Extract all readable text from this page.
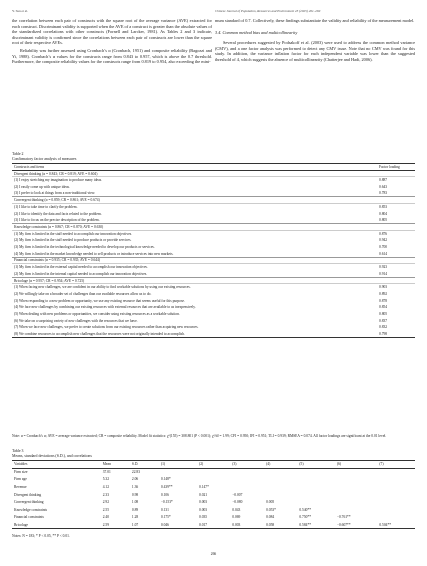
Y. Sun et al.	Chinese Journal of Population, Resources and Environment 23 (2025) 261–269

the correlation between each pair of constructs with the square root of the average variance (AVE) extracted for each construct. Discriminant validity is supported when the AVE of a construct is greater than the absolute values of the standardized correlations with other constructs (Fornell and Larcker, 1981). As Tables 2 and 3 indicate, discriminant validity is confirmed since the correlations between each pair of constructs are lower than the square root of their respective AVEs.

Reliability was further assessed using Cronbach’s α (Cronbach, 1951) and composite reliability (Bagozzi and Yi, 1988). Cronbach’s α values for the constructs range from 0.843 to 0.957, which is above the 0.7 threshold. Furthermore, the composite reliability values for the constructs range from 0.819 to 0.954, also exceeding the mini-

mum standard of 0.7. Collectively, these findings substantiate the validity and reliability of the measurement model.

3.4. Common method bias and multicollinearity

Several procedures suggested by Podsakoff et al. (2003) were used to address the common method variance (CMV), and a one factor analysis was performed to detect any CMV issue. Note that no CMV was found for this study. In addition, the variance inflation factor for each independent variable was lower than the suggested threshold of 4, which suggests the absence of multicollinearity (Chatterjee and Hadi, 2006).

Table 2
Confirmatory factor analysis of measures
Constructs and items	Factor loading
Divergent thinking (α = 0.843; CR = 0.819; AVE = 0.604)	
(1) I enjoy stretching my imagination to produce many ideas.	0.887
(2) I easily come up with unique ideas.	0.643
(3) I prefer to look at things from a non-traditional view.	0.783
Convergent thinking (α = 0.859; CR = 0.861; AVE = 0.674)	
(1) I like to take time to clarify the problem.	0.853
(2) I like to identify the data and facts related to the problem.	0.804
(3) I like to focus on the precise description of the problem.	0.805
Knowledge constraints (α = 0.867; CR = 0.870; AVE = 0.630)	
(1) My firm is limited in the staff needed to accomplish our innovation objectives.	0.876
(2) My firm is limited in the staff needed to produce products or provide services.	0.942
(3) My firm is limited in the technological knowledge needed to develop our products or services.	0.700
(4) My firm is limited in the market knowledge needed to sell products or introduce services into new markets.	0.614
Financial constraints (α = 0.935; CR = 0.935; AVE = 0.644)	
(1) My firm is limited in the external capital needed to accomplish our innovation objectives.	0.923
(2) My firm is limited in the internal capital needed to accomplish our innovation objectives.	0.914
Bricolage (α = 0.957; CR = 0.954; AVE = 0.725)	
(1) When facing new challenges, we are confident in our ability to find workable solutions by using our existing resources.	0.903
(2) We willingly take on a broader set of challenges than our available resources allow us to do.	0.892
(3) When responding to a new problem or opportunity, we use any existing resource that seems useful for this purpose.	0.878
(4) We face new challenges by combining our existing resources with external resources that are available to us inexpensively.	0.854
(5) When dealing with new problems or opportunities, we consider using existing resources as a workable solution.	0.805
(6) We take on a surprising variety of new challenges with the resources that we have.	0.837
(7) When we face new challenges, we prefer to create solutions from our existing resources rather than acquiring new resources.	0.832
(8) We combine resources to accomplish new challenges that the resources were not originally intended to accomplish.	0.798
Note: α = Cronbach’s α; AVE = average variance extracted; CR = composite reliability. Model fit statistics: χ²(155) = 308.801 (P < 0.001); χ²/df = 1.99; CFI = 0.950; IFI = 0.951; TLI = 0.939; RMSEA = 0.074. All factor loadings are significant at the 0.01 level.
Table 3
Means, standard deviations (S.D.), and correlations
Variables	Mean	S.D.	(1)	(2)	(3)	(4)	(5)	(6)	(7)
Firm size	37.01	22.83							
Firm age	5.32	2.06	0.148*						
Revenue	4.12	1.36	0.439**	0.147*					
Divergent thinking	2.33	0.98	0.106	0.021	−0.007				
Convergent thinking	2.92	1.08	−0.153*	0.003	−0.080	0.005			
Knowledge constraints	2.55	0.89	0.131	0.003	0.043	0.053*	0.540**		
Financial constraints	2.40	1.28	0.175*	0.035	0.069	0.084	0.750**	−0.761**	
Bricolage	2.59	1.07	0.046	0.017	0.003	0.058	0.584**	−0.607**	0.504**
Notes: N = 183; * P < 0.05, ** P < 0.01.
266
